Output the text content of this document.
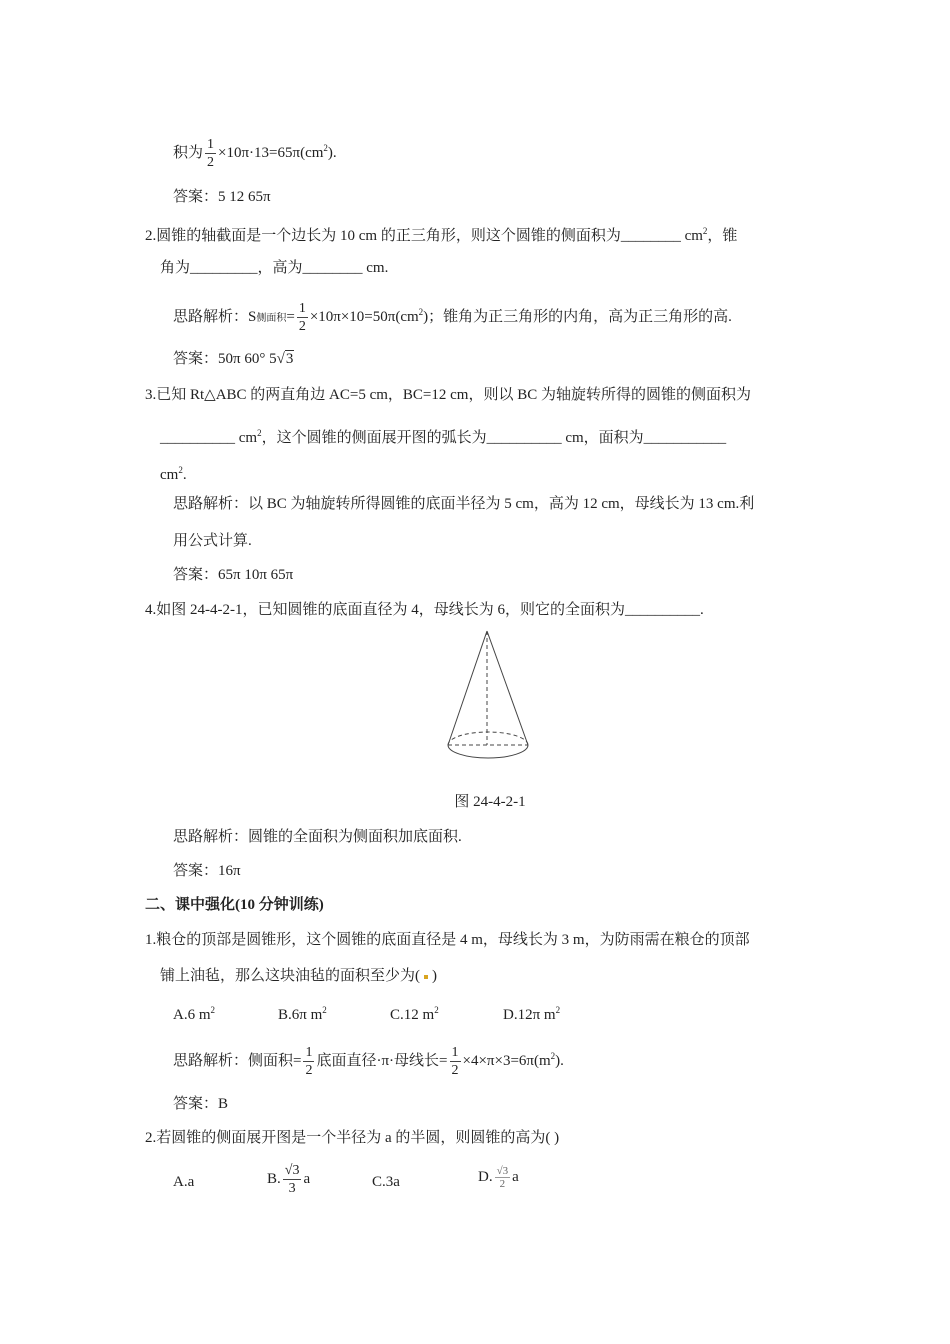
积为 $\frac{1}{2} \times 10\pi\cdot 13=65\pi(cm^2)$.
答案：5 12 65π
2.圆锥的轴截面是一个边长为 10 cm 的正三角形，则这个圆锥的侧面积为________ $cm^2$，锥
角为_________，高为________ cm.
思路解析：S侧面积= $\frac{1}{2} \times 10\pi\times 10=50\pi(cm^2)$；锥角为正三角形的内角，高为正三角形的高.
答案：50π 60° 5√3
3.已知 Rt△ABC 的两直角边 AC=5 cm，BC=12 cm，则以 BC 为轴旋转所得的圆锥的侧面积为
__________ $cm^2$，这个圆锥的侧面展开图的弧长为__________ cm，面积为___________
$cm^2$.
思路解析：以 BC 为轴旋转所得圆锥的底面半径为 5 cm，高为 12 cm，母线长为 13 cm.利
用公式计算.
答案：65π 10π 65π
4.如图 24-4-2-1，已知圆锥的底面直径为 4，母线长为 6，则它的全面积为__________.
图 24-4-2-1
思路解析：圆锥的全面积为侧面积加底面积.
答案：16π
二、课中强化(10 分钟训练)
1.粮仓的顶部是圆锥形，这个圆锥的底面直径是 4 m，母线长为 3 m，为防雨需在粮仓的顶部
铺上油毡，那么这块油毡的面积至少为( )
A.6 $m^2$	B.6π $m^2$	C.12 $m^2$	D.12π $m^2$
思路解析：侧面积= $\frac{1}{2}$ 底面直径·π·母线长= $\frac{1}{2} \times 4\times\pi\times 3=6\pi(m^2)$.
答案：B
2.若圆锥的侧面展开图是一个半径为 a 的半圆，则圆锥的高为( )
A.a	B. $\frac{√3}{3}$ a	C.3a	D. $\frac{√3}{2}$ a
